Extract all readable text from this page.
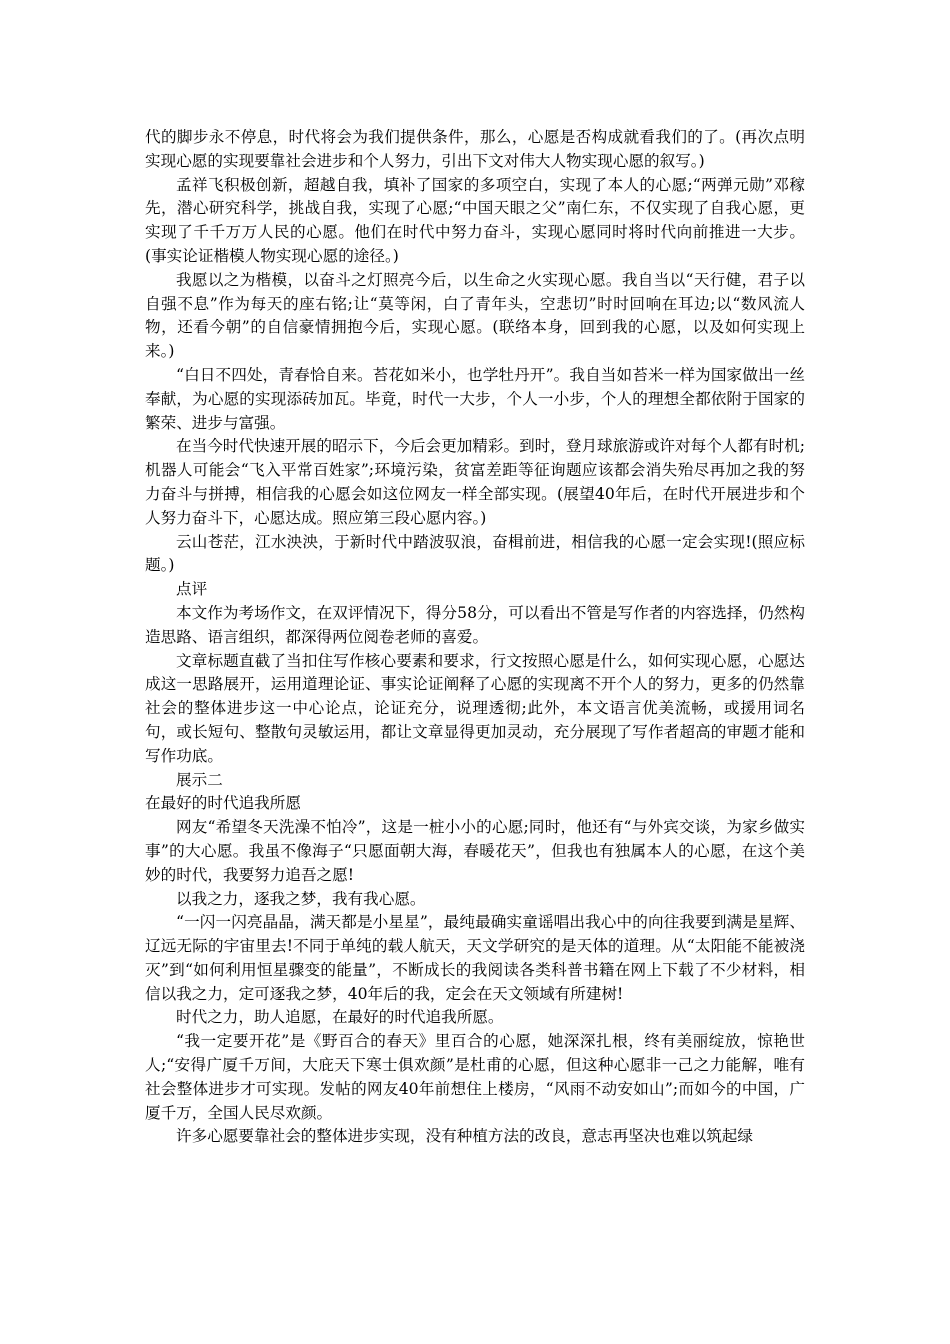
代的脚步永不停息，时代将会为我们提供条件，那么，心愿是否构成就看我们的了。(再次点明实现心愿的实现要靠社会进步和个人努力，引出下文对伟大人物实现心愿的叙写。)

孟祥飞积极创新，超越自我，填补了国家的多项空白，实现了本人的心愿;“两弹元勋”邓稼先，潜心研究科学，挑战自我，实现了心愿;“中国天眼之父”南仁东，不仅实现了自我心愿，更实现了千千万万人民的心愿。他们在时代中努力奋斗，实现心愿同时将时代向前推进一大步。(事实论证楷模人物实现心愿的途径。)

我愿以之为楷模，以奋斗之灯照亮今后，以生命之火实现心愿。我自当以“天行健，君子以自强不息”作为每天的座右铭;让“莫等闲，白了青年头，空悲切”时时回响在耳边;以“数风流人物，还看今朝”的自信豪情拥抱今后，实现心愿。(联络本身，回到我的心愿，以及如何实现上来。)

“白日不四处，青春恰自来。苔花如米小，也学牡丹开”。我自当如苔米一样为国家做出一丝奉献，为心愿的实现添砖加瓦。毕竟，时代一大步，个人一小步，个人的理想全都依附于国家的繁荣、进步与富强。

在当今时代快速开展的昭示下，今后会更加精彩。到时，登月球旅游或许对每个人都有时机;机器人可能会“飞入平常百姓家”;环境污染，贫富差距等征询题应该都会消失殆尽再加之我的努力奋斗与拼搏，相信我的心愿会如这位网友一样全部实现。(展望40年后，在时代开展进步和个人努力奋斗下，心愿达成。照应第三段心愿内容。)

云山苍茫，江水泱泱，于新时代中踏波驭浪，奋楫前进，相信我的心愿一定会实现!(照应标题。)

点评

本文作为考场作文，在双评情况下，得分58分，可以看出不管是写作者的内容选择，仍然构造思路、语言组织，都深得两位阅卷老师的喜爱。

文章标题直截了当扣住写作核心要素和要求，行文按照心愿是什么，如何实现心愿，心愿达成这一思路展开，运用道理论证、事实论证阐释了心愿的实现离不开个人的努力，更多的仍然靠社会的整体进步这一中心论点，论证充分，说理透彻;此外，本文语言优美流畅，或援用词名句，或长短句、整散句灵敏运用，都让文章显得更加灵动，充分展现了写作者超高的审题才能和写作功底。

展示二

在最好的时代追我所愿

网友“希望冬天洗澡不怕冷”，这是一桩小小的心愿;同时，他还有“与外宾交谈，为家乡做实事”的大心愿。我虽不像海子“只愿面朝大海，春暖花天”，但我也有独属本人的心愿，在这个美妙的时代，我要努力追吾之愿!

以我之力，逐我之梦，我有我心愿。

“一闪一闪亮晶晶，满天都是小星星”，最纯最确实童谣唱出我心中的向往我要到满是星辉、辽远无际的宇宙里去!不同于单纯的载人航天，天文学研究的是天体的道理。从“太阳能不能被浇灭”到“如何利用恒星骤变的能量”，不断成长的我阅读各类科普书籍在网上下载了不少材料，相信以我之力，定可逐我之梦，40年后的我，定会在天文领域有所建树!

时代之力，助人追愿，在最好的时代追我所愿。

“我一定要开花”是《野百合的春天》里百合的心愿，她深深扎根，终有美丽绽放，惊艳世人;“安得广厦千万间，大庇天下寒士俱欢颜”是杜甫的心愿，但这种心愿非一己之力能解，唯有社会整体进步才可实现。发帖的网友40年前想住上楼房，“风雨不动安如山”;而如今的中国，广厦千万，全国人民尽欢颜。

许多心愿要靠社会的整体进步实现，没有种植方法的改良，意志再坚决也难以筑起绿
